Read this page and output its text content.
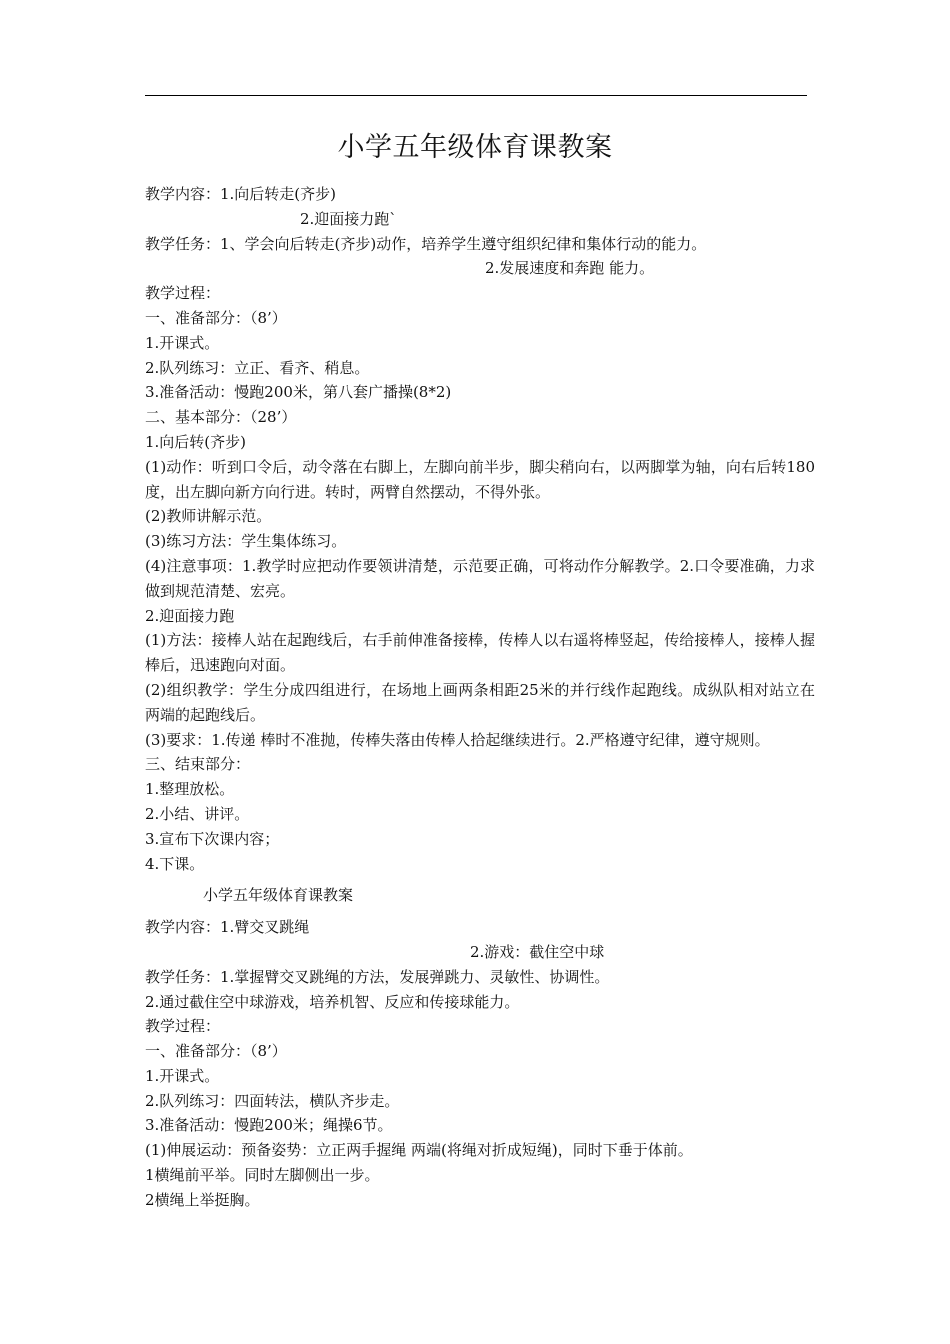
小学五年级体育课教案
教学内容：1.向后转走(齐步)
2.迎面接力跑`
教学任务：1、学会向后转走(齐步)动作，培养学生遵守组织纪律和集体行动的能力。
2.发展速度和奔跑 能力。
教学过程：
一、准备部分：（8’）
1.开课式。
2.队列练习：立正、看齐、稍息。
3.准备活动：慢跑200米，第八套广播操(8*2)
二、基本部分：（28’）
1.向后转(齐步)
(1)动作：听到口令后，动令落在右脚上，左脚向前半步，脚尖稍向右，以两脚掌为轴，向右后转180度，出左脚向新方向行进。转时，两臂自然摆动，不得外张。
(2)教师讲解示范。
(3)练习方法：学生集体练习。
(4)注意事项：1.教学时应把动作要领讲清楚，示范要正确，可将动作分解教学。2.口令要准确，力求做到规范清楚、宏亮。
2.迎面接力跑
(1)方法：接棒人站在起跑线后，右手前伸准备接棒，传棒人以右遥将棒竖起，传给接棒人，接棒人握棒后，迅速跑向对面。
(2)组织教学：学生分成四组进行，在场地上画两条相距25米的并行线作起跑线。成纵队相对站立在两端的起跑线后。
(3)要求：1.传递 棒时不准抛，传棒失落由传棒人拾起继续进行。2.严格遵守纪律，遵守规则。
三、结束部分：
1.整理放松。
2.小结、讲评。
3.宣布下次课内容；
4.下课。
小学五年级体育课教案
教学内容：1.臂交叉跳绳
2.游戏：截住空中球
教学任务：1.掌握臂交叉跳绳的方法，发展弹跳力、灵敏性、协调性。
2.通过截住空中球游戏，培养机智、反应和传接球能力。
教学过程：
一、准备部分：（8’）
1.开课式。
2.队列练习：四面转法，横队齐步走。
3.准备活动：慢跑200米；绳操6节。
(1)伸展运动：预备姿势：立正两手握绳 两端(将绳对折成短绳)，同时下垂于体前。
1横绳前平举。同时左脚侧出一步。
2横绳上举挺胸。
